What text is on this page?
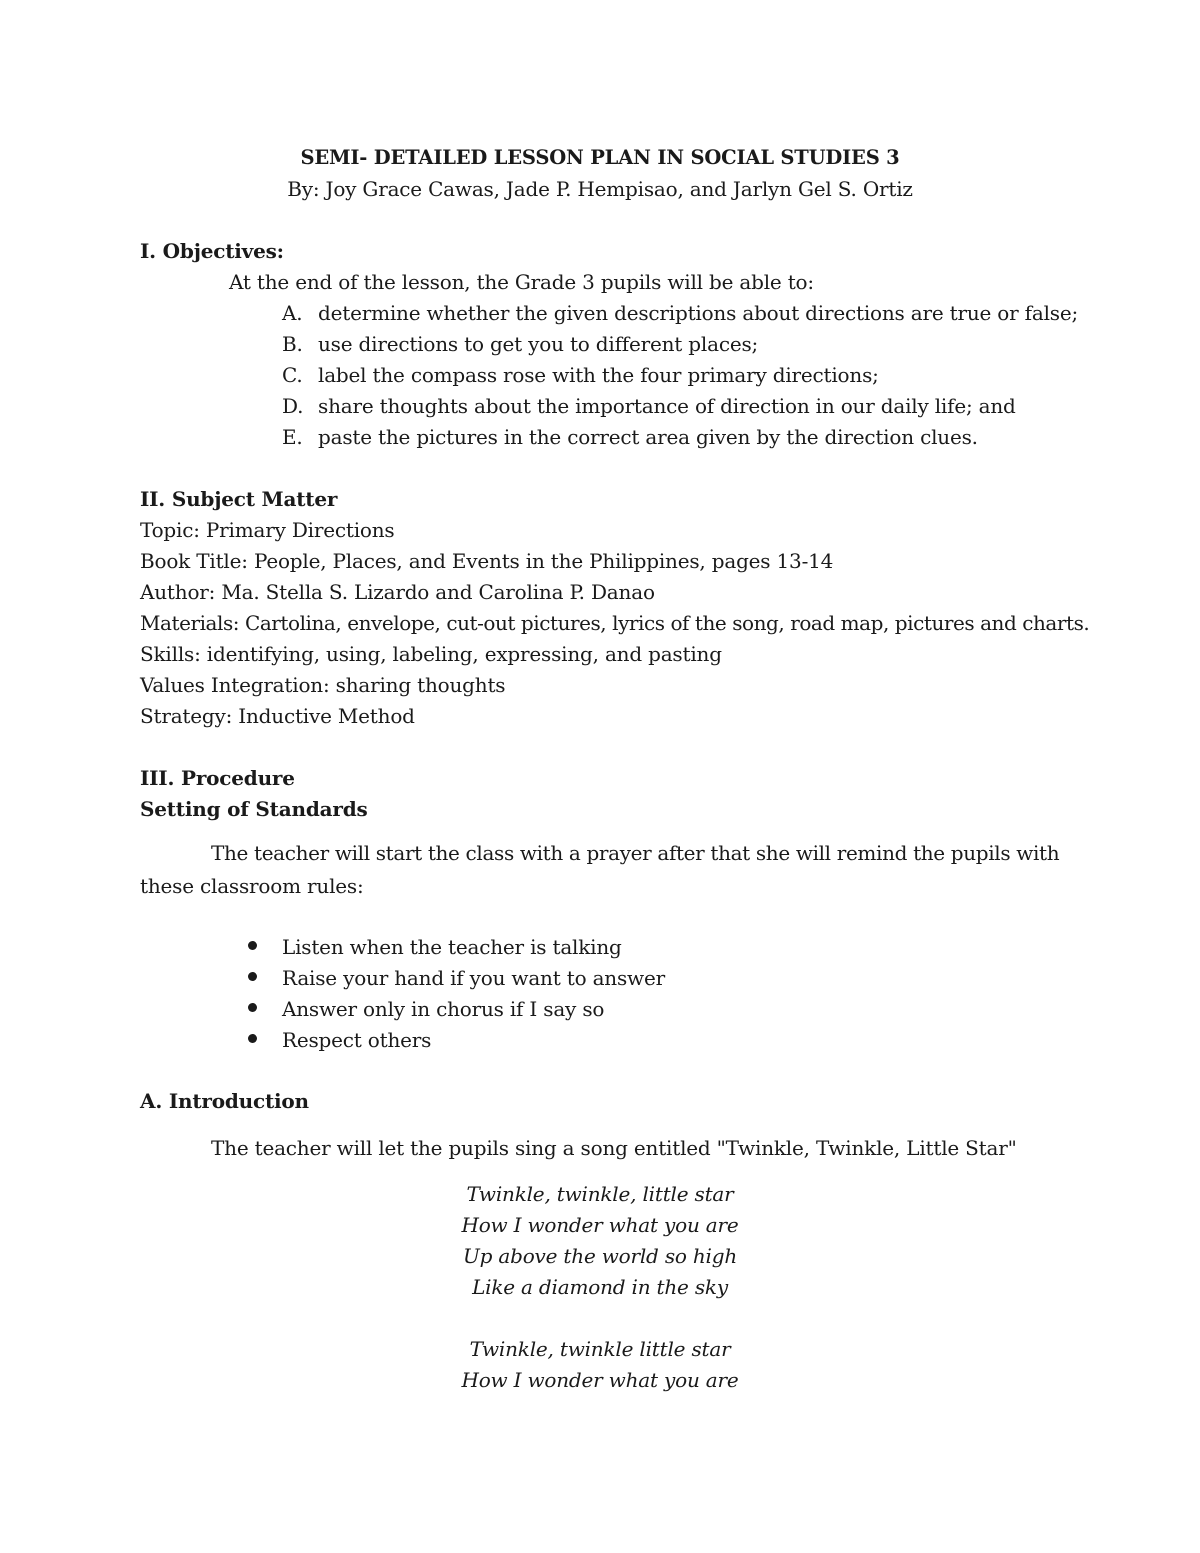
SEMI- DETAILED LESSON PLAN IN SOCIAL STUDIES 3
By: Joy Grace Cawas, Jade P. Hempisao, and Jarlyn Gel S. Ortiz
I. Objectives:
At the end of the lesson, the Grade 3 pupils will be able to:
A. determine whether the given descriptions about directions are true or false;
B. use directions to get you to different places;
C. label the compass rose with the four primary directions;
D. share thoughts about the importance of direction in our daily life; and
E. paste the pictures in the correct area given by the direction clues.
II. Subject Matter
Topic: Primary Directions
Book Title: People, Places, and Events in the Philippines, pages 13-14
Author: Ma. Stella S. Lizardo and Carolina P. Danao
Materials: Cartolina, envelope, cut-out pictures, lyrics of the song, road map, pictures and charts.
Skills: identifying, using, labeling, expressing, and pasting
Values Integration: sharing thoughts
Strategy: Inductive Method
III. Procedure
Setting of Standards
The teacher will start the class with a prayer after that she will remind the pupils with
these classroom rules:
Listen when the teacher is talking
Raise your hand if you want to answer
Answer only in chorus if I say so
Respect others
A. Introduction
The teacher will let the pupils sing a song entitled "Twinkle, Twinkle, Little Star"
Twinkle, twinkle, little star
How I wonder what you are
Up above the world so high
Like a diamond in the sky
Twinkle, twinkle little star
How I wonder what you are
